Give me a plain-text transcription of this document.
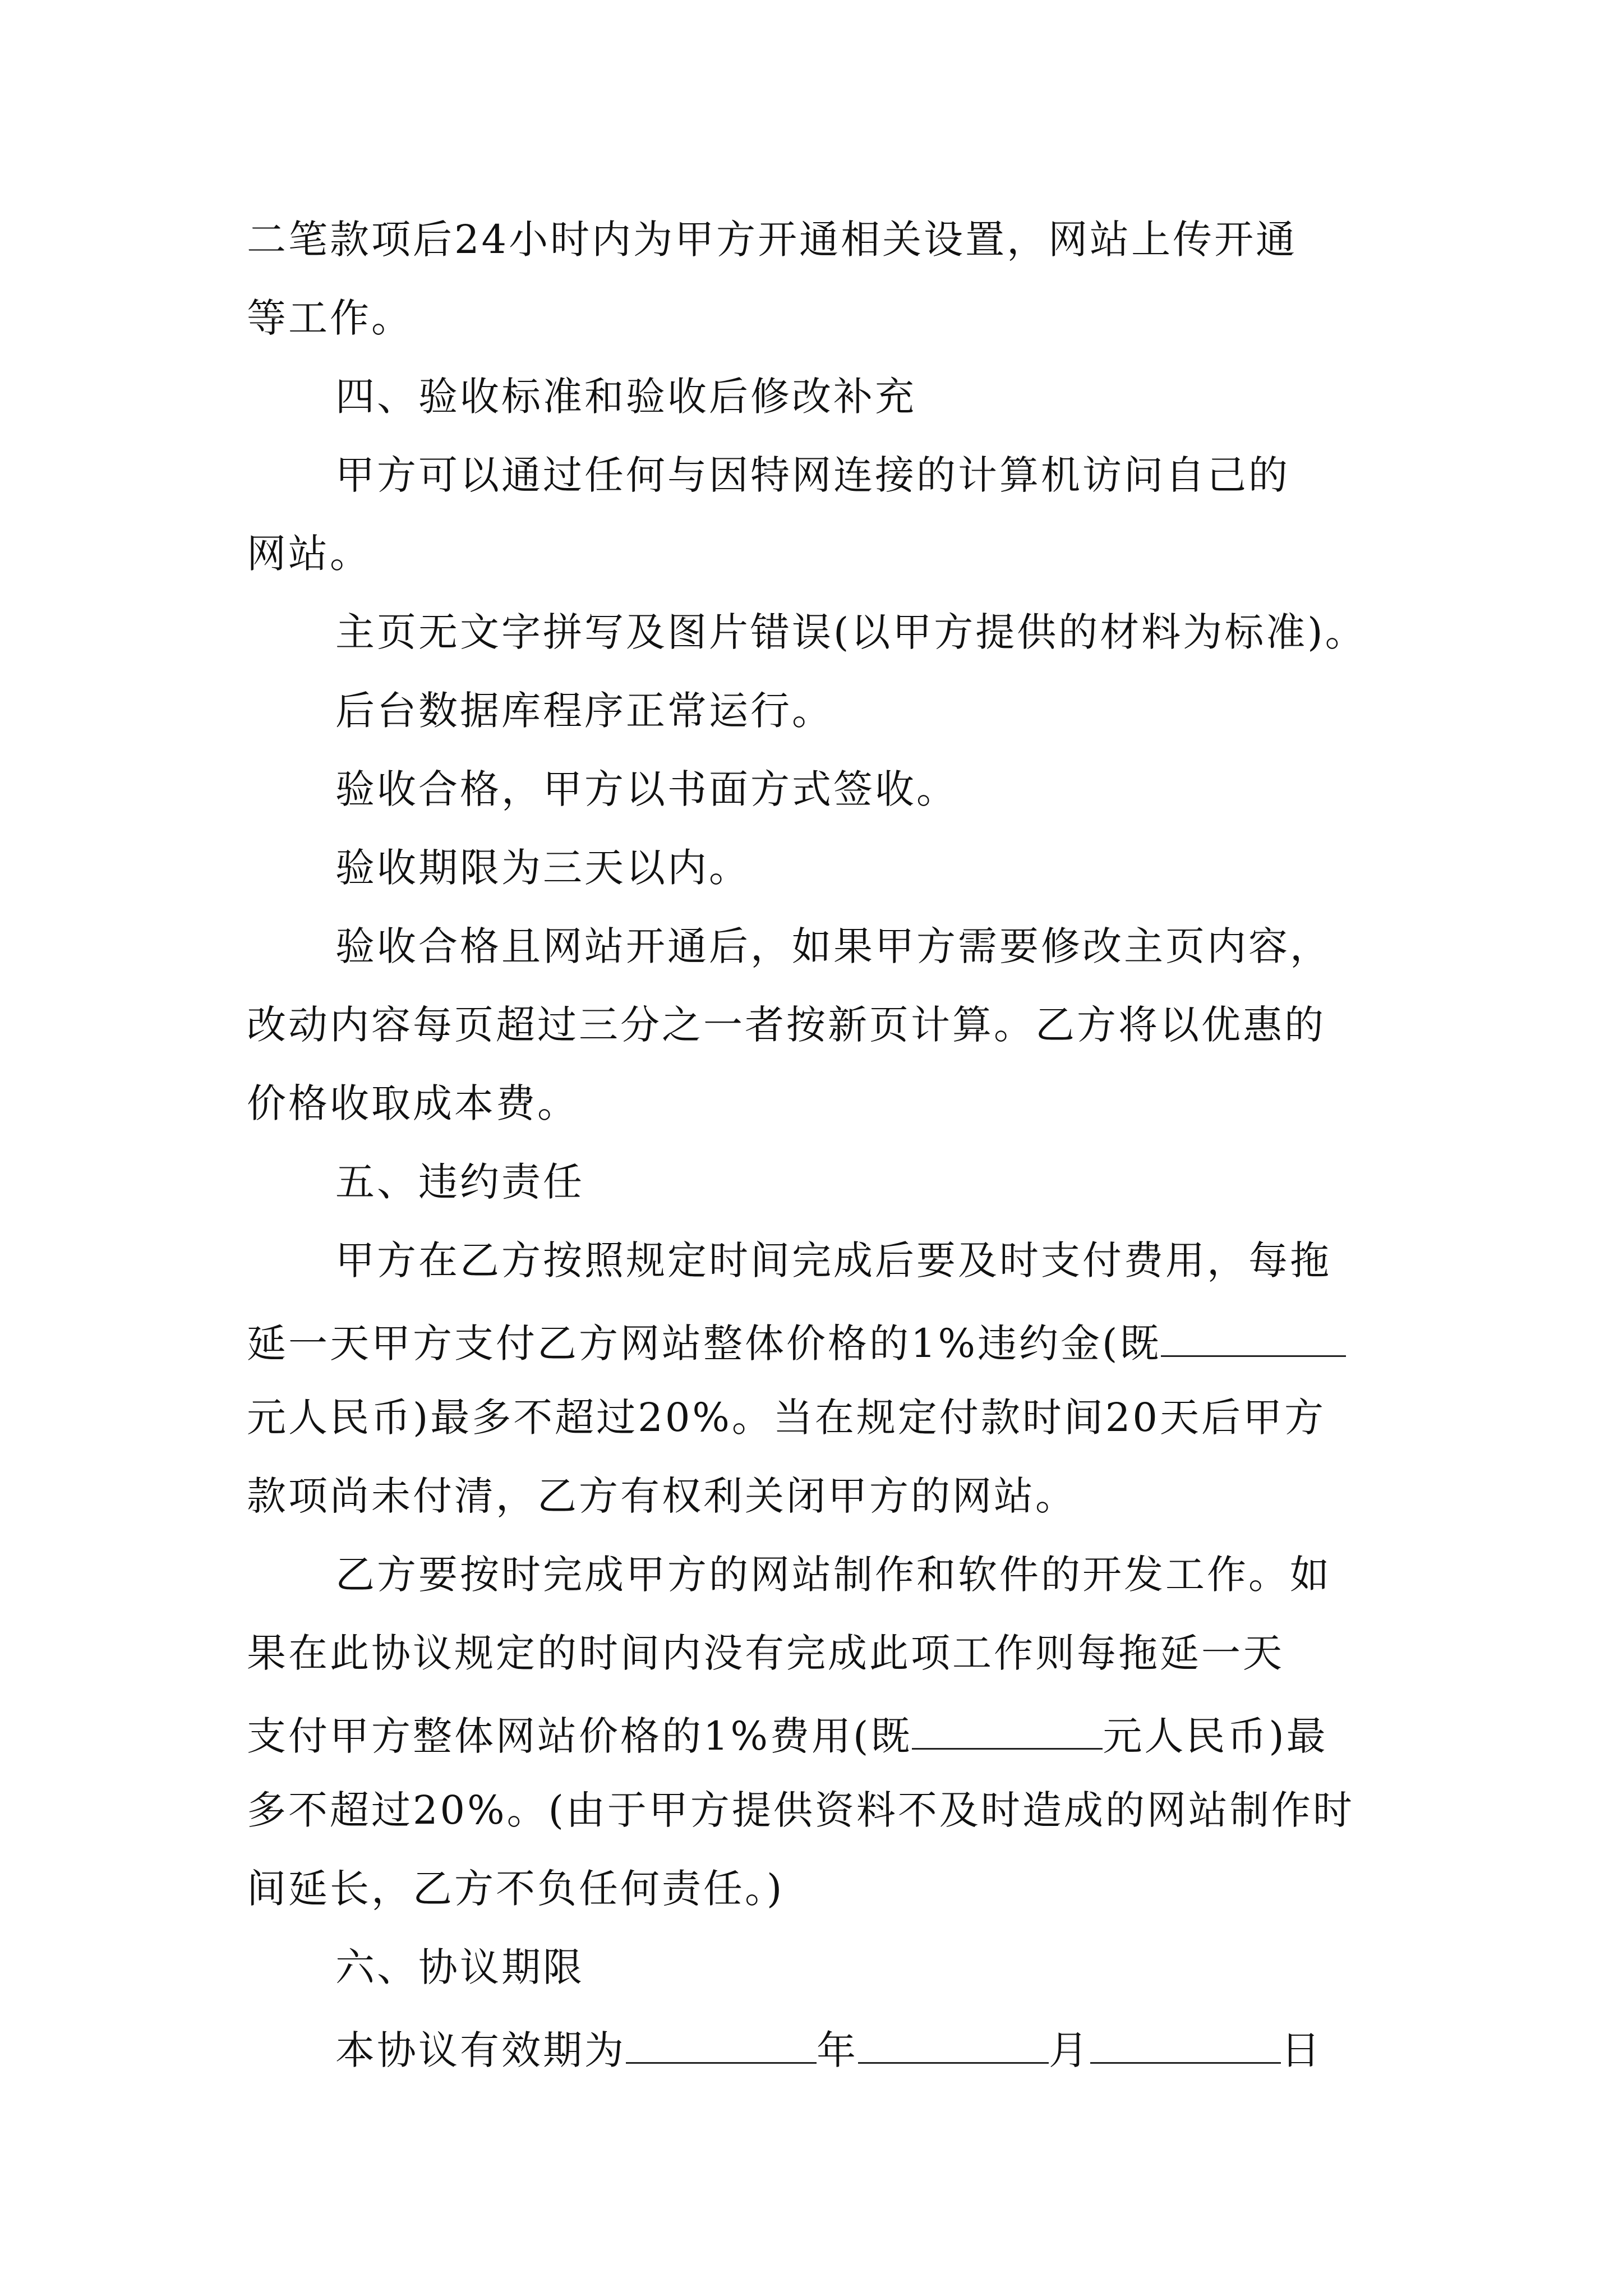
二笔款项后24小时内为甲方开通相关设置，网站上传开通
等工作。
四、验收标准和验收后修改补充
甲方可以通过任何与因特网连接的计算机访问自己的
网站。
主页无文字拼写及图片错误(以甲方提供的材料为标准)。
后台数据库程序正常运行。
验收合格，甲方以书面方式签收。
验收期限为三天以内。
验收合格且网站开通后，如果甲方需要修改主页内容，
改动内容每页超过三分之一者按新页计算。乙方将以优惠的
价格收取成本费。
五、违约责任
甲方在乙方按照规定时间完成后要及时支付费用，每拖
延一天甲方支付乙方网站整体价格的1%违约金(既
元人民币)最多不超过20%。当在规定付款时间20天后甲方
款项尚未付清，乙方有权利关闭甲方的网站。
乙方要按时完成甲方的网站制作和软件的开发工作。如
果在此协议规定的时间内没有完成此项工作则每拖延一天
支付甲方整体网站价格的1%费用(既	元人民币)最
多不超过20%。(由于甲方提供资料不及时造成的网站制作时
间延长，乙方不负任何责任。)
六、协议期限
本协议有效期为	年	月	日
